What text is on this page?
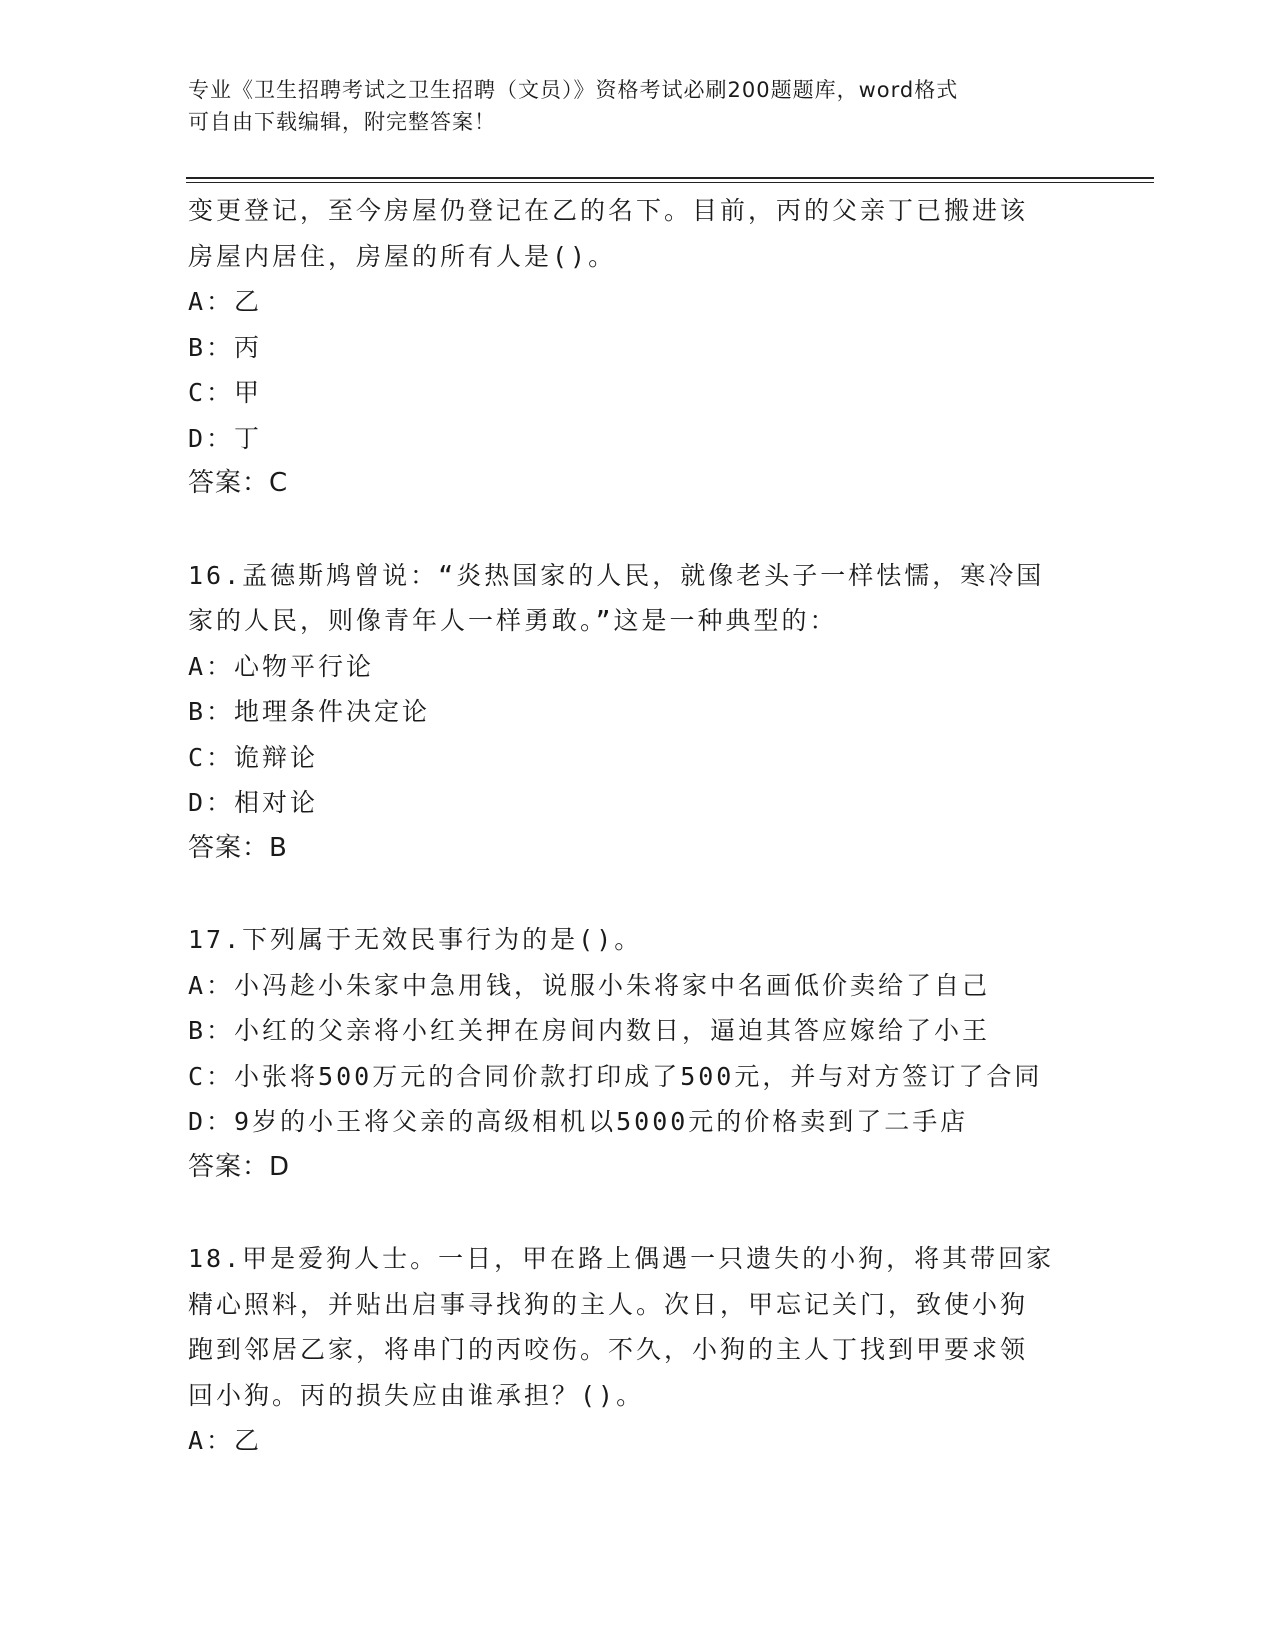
专业《卫生招聘考试之卫生招聘（文员）》资格考试必刷200题题库，word格式
可自由下载编辑，附完整答案！
变更登记，至今房屋仍登记在乙的名下。目前，丙的父亲丁已搬进该
房屋内居住，房屋的所有人是()。
A：乙
B：丙
C：甲
D：丁
答案：C
16.孟德斯鸠曾说：“炎热国家的人民，就像老头子一样怯懦，寒冷国
家的人民，则像青年人一样勇敢。”这是一种典型的：
A：心物平行论
B：地理条件决定论
C：诡辩论
D：相对论
答案：B
17.下列属于无效民事行为的是()。
A：小冯趁小朱家中急用钱，说服小朱将家中名画低价卖给了自己
B：小红的父亲将小红关押在房间内数日，逼迫其答应嫁给了小王
C：小张将500万元的合同价款打印成了500元，并与对方签订了合同
D：9岁的小王将父亲的高级相机以5000元的价格卖到了二手店
答案：D
18.甲是爱狗人士。一日，甲在路上偶遇一只遗失的小狗，将其带回家
精心照料，并贴出启事寻找狗的主人。次日，甲忘记关门，致使小狗
跑到邻居乙家，将串门的丙咬伤。不久，小狗的主人丁找到甲要求领
回小狗。丙的损失应由谁承担？()。
A：乙
